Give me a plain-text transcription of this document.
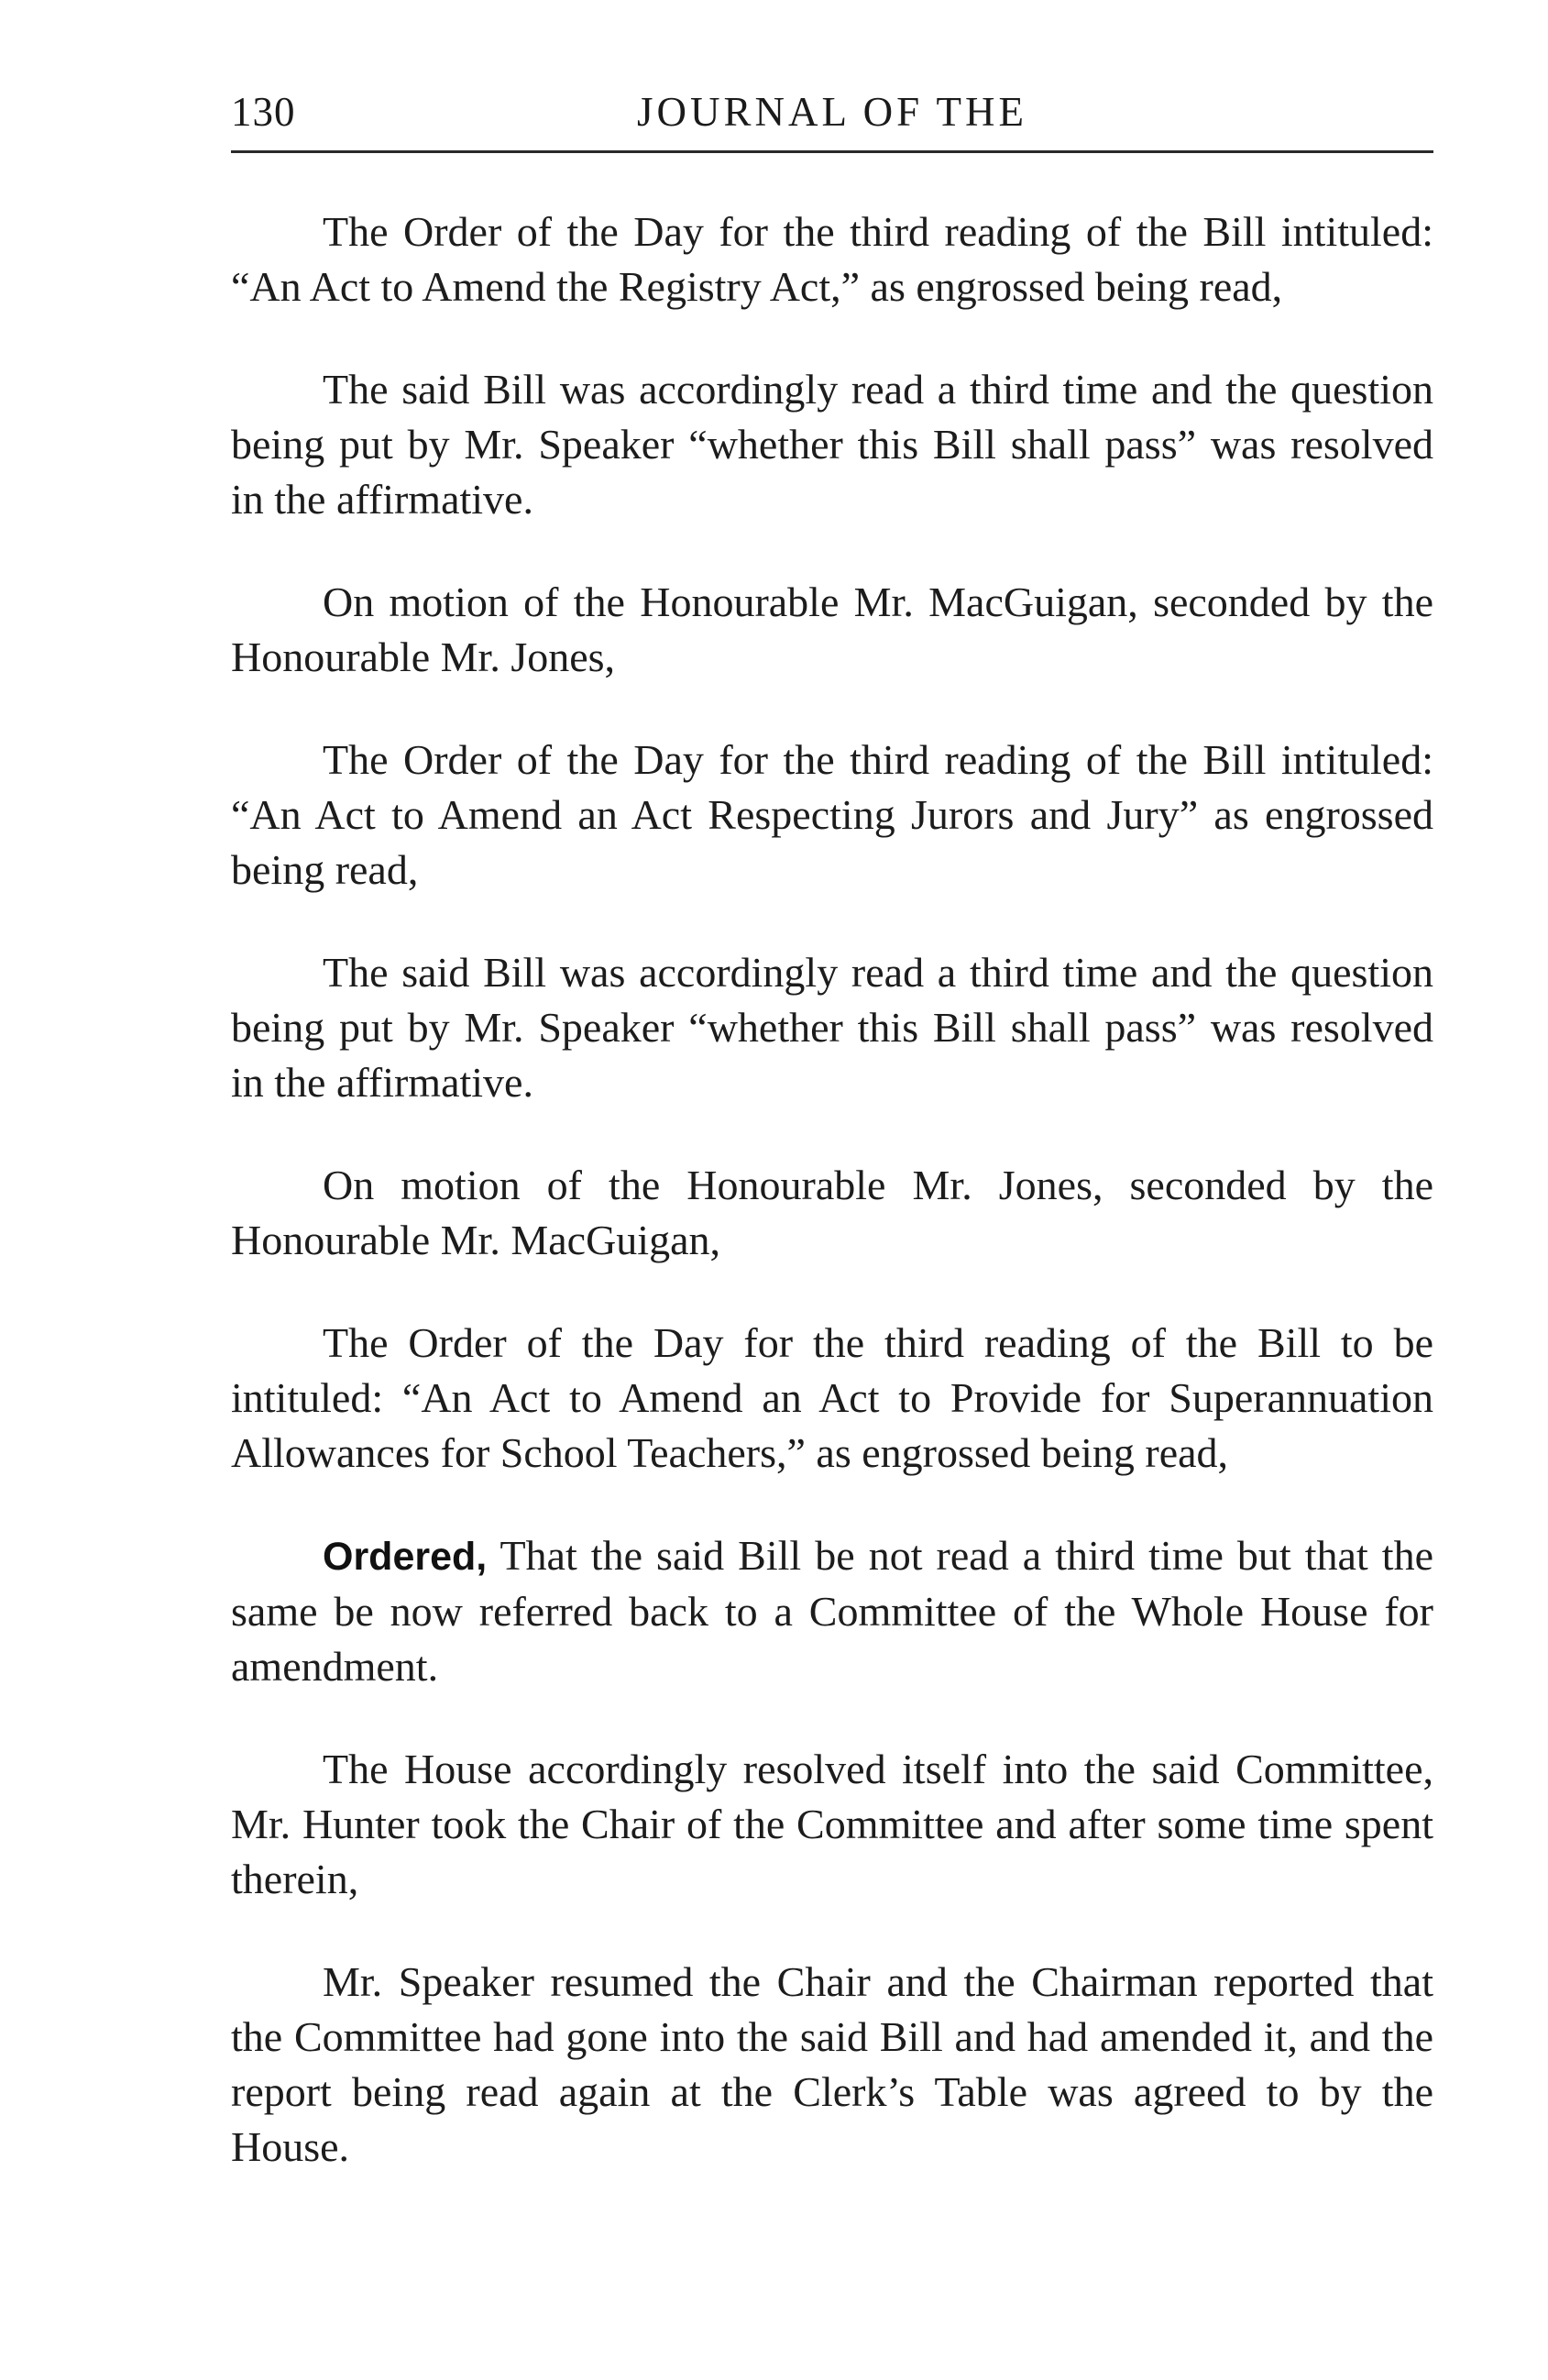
130	JOURNAL OF THE

The Order of the Day for the third reading of the Bill intituled: “An Act to Amend the Registry Act,” as engrossed being read,

The said Bill was accordingly read a third time and the question being put by Mr. Speaker “whether this Bill shall pass” was resolved in the affirmative.

On motion of the Honourable Mr. MacGuigan, seconded by the Honourable Mr. Jones,

The Order of the Day for the third reading of the Bill intituled: “An Act to Amend an Act Respecting Jurors and Jury” as engrossed being read,

The said Bill was accordingly read a third time and the question being put by Mr. Speaker “whether this Bill shall pass” was resolved in the affirmative.

On motion of the Honourable Mr. Jones, seconded by the Honourable Mr. MacGuigan,

The Order of the Day for the third reading of the Bill to be intituled: “An Act to Amend an Act to Provide for Superannuation Allowances for School Teachers,” as engrossed being read,

Ordered, That the said Bill be not read a third time but that the same be now referred back to a Committee of the Whole House for amendment.

The House accordingly resolved itself into the said Committee, Mr. Hunter took the Chair of the Committee and after some time spent therein,

Mr. Speaker resumed the Chair and the Chairman reported that the Committee had gone into the said Bill and had amended it, and the report being read again at the Clerk’s Table was agreed to by the House.
